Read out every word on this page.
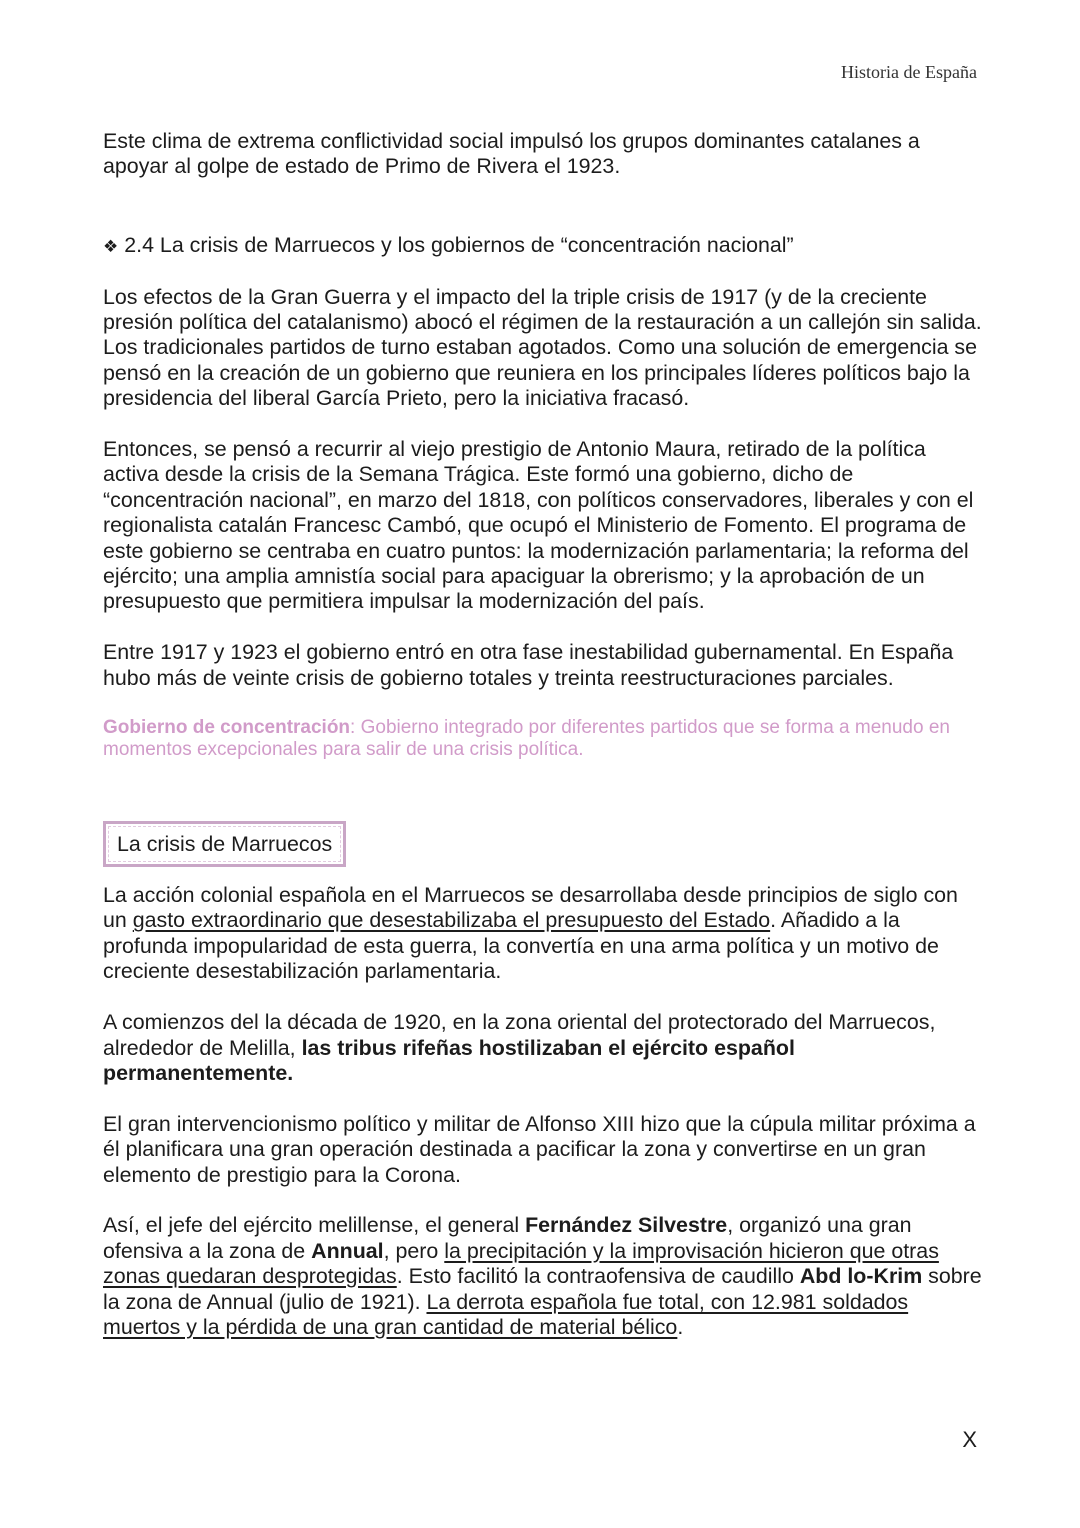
Historia de España

Este clima de extrema conflictividad social impulsó los grupos dominantes catalanes a apoyar al golpe de estado de Primo de Rivera el 1923.

❖ 2.4 La crisis de Marruecos y los gobiernos de “concentración nacional”

Los efectos de la Gran Guerra y el impacto del la triple crisis de 1917 (y de la creciente presión política del catalanismo) abocó el régimen de la restauración a un callejón sin salida. Los tradicionales partidos de turno estaban agotados. Como una solución de emergencia se pensó en la creación de un gobierno que reuniera en los principales líderes políticos bajo la presidencia del liberal García Prieto, pero la iniciativa fracasó.

Entonces, se pensó a recurrir al viejo prestigio de Antonio Maura, retirado de la política activa desde la crisis de la Semana Trágica. Este formó una gobierno, dicho de “concentración nacional”, en marzo del 1818, con políticos conservadores, liberales y con el regionalista catalán Francesc Cambó, que ocupó el Ministerio de Fomento. El programa de este gobierno se centraba en cuatro puntos: la modernización parlamentaria; la reforma del ejército; una amplia amnistía social para apaciguar la obrerismo; y la aprobación de un presupuesto que permitiera impulsar la modernización del país.

Entre 1917 y 1923 el gobierno entró en otra fase inestabilidad gubernamental. En España hubo más de veinte crisis de gobierno totales y treinta reestructuraciones parciales.

Gobierno de concentración: Gobierno integrado por diferentes partidos que se forma a menudo en momentos excepcionales para salir de una crisis política.

La crisis de Marruecos

La acción colonial española en el Marruecos se desarrollaba desde principios de siglo con un gasto extraordinario que desestabilizaba el presupuesto del Estado. Añadido a la profunda impopularidad de esta guerra, la convertía en una arma política y un motivo de creciente desestabilización parlamentaria.

A comienzos del la década de 1920, en la zona oriental del protectorado del Marruecos, alrededor de Melilla, las tribus rifeñas hostilizaban el ejército español permanentemente.

El gran intervencionismo político y militar de Alfonso XIII hizo que la cúpula militar próxima a él planificara una gran operación destinada a pacificar la zona y convertirse en un gran elemento de prestigio para la Corona.

Así, el jefe del ejército melillense, el general Fernández Silvestre, organizó una gran ofensiva a la zona de Annual, pero la precipitación y la improvisación hicieron que otras zonas quedaran desprotegidas. Esto facilitó la contraofensiva de caudillo Abd lo-Krim sobre la zona de Annual (julio de 1921). La derrota española fue total, con 12.981 soldados muertos y la pérdida de una gran cantidad de material bélico.

X
